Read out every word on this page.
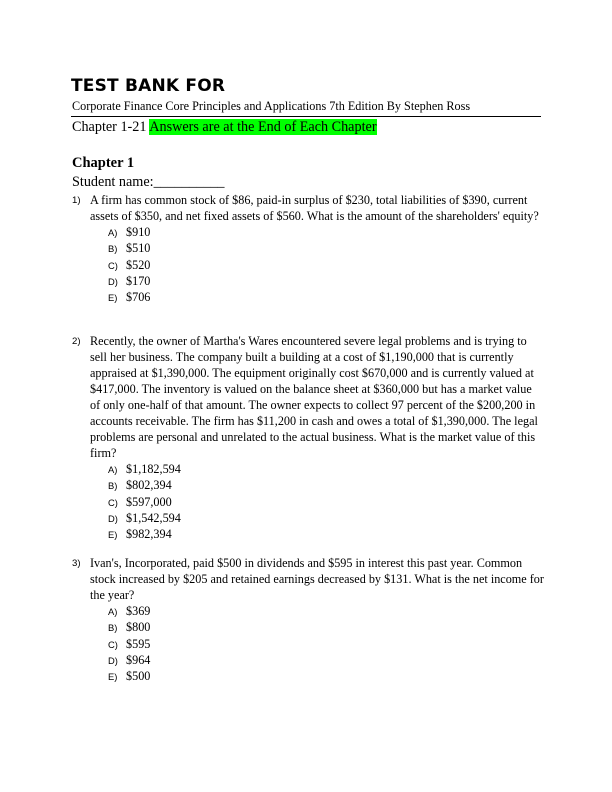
TEST BANK FOR
Corporate Finance Core Principles and Applications 7th Edition By Stephen Ross
Chapter 1-21 Answers are at the End of Each Chapter
Chapter 1
Student name:__________
1) A firm has common stock of $86, paid-in surplus of $230, total liabilities of $390, current assets of $350, and net fixed assets of $560. What is the amount of the shareholders' equity?
A) $910
B) $510
C) $520
D) $170
E) $706
2) Recently, the owner of Martha's Wares encountered severe legal problems and is trying to sell her business. The company built a building at a cost of $1,190,000 that is currently appraised at $1,390,000. The equipment originally cost $670,000 and is currently valued at $417,000. The inventory is valued on the balance sheet at $360,000 but has a market value of only one-half of that amount. The owner expects to collect 97 percent of the $200,200 in accounts receivable. The firm has $11,200 in cash and owes a total of $1,390,000. The legal problems are personal and unrelated to the actual business. What is the market value of this firm?
A) $1,182,594
B) $802,394
C) $597,000
D) $1,542,594
E) $982,394
3) Ivan's, Incorporated, paid $500 in dividends and $595 in interest this past year. Common stock increased by $205 and retained earnings decreased by $131. What is the net income for the year?
A) $369
B) $800
C) $595
D) $964
E) $500
